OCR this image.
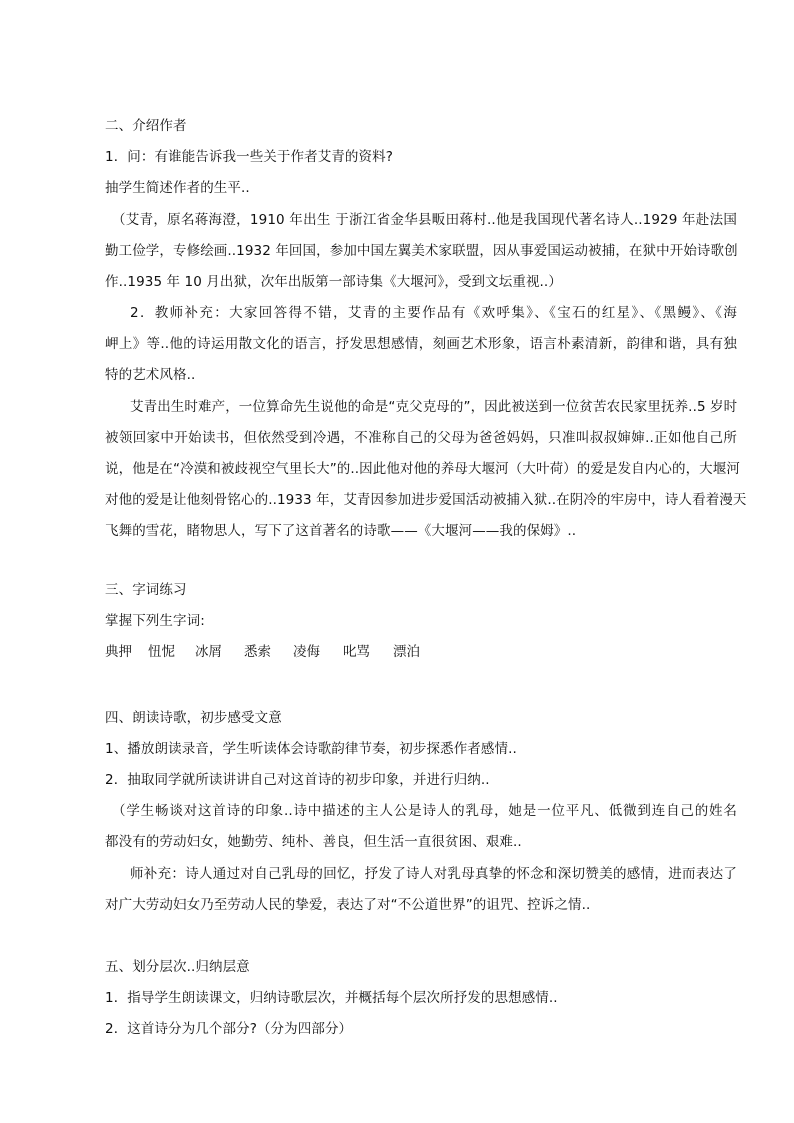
二、介绍作者
1．问：有谁能告诉我一些关于作者艾青的资料?
抽学生简述作者的生平..
（艾青，原名蒋海澄，1910 年出生 于浙江省金华县畈田蒋村..他是我国现代著名诗人..1929 年赴法国
勤工俭学，专修绘画..1932 年回国，参加中国左翼美术家联盟，因从事爱国运动被捕，在狱中开始诗歌创
作..1935 年 10 月出狱，次年出版第一部诗集《大堰河》，受到文坛重视..）
2．教师补充：大家回答得不错，艾青的主要作品有《欢呼集》、《宝石的红星》、《黑鳗》、《海
岬上》等..他的诗运用散文化的语言，抒发思想感情，刻画艺术形象，语言朴素清新，韵律和谐，具有独
特的艺术风格..
艾青出生时难产，一位算命先生说他的命是“克父克母的”，因此被送到一位贫苦农民家里抚养..5 岁时
被领回家中开始读书，但依然受到冷遇，不准称自己的父母为爸爸妈妈，只准叫叔叔婶婶..正如他自己所
说，他是在“冷漠和被歧视空气里长大”的..因此他对他的养母大堰河（大叶荷）的爱是发自内心的，大堰河
对他的爱是让他刻骨铭心的..1933 年，艾青因参加进步爱国活动被捕入狱..在阴冷的牢房中，诗人看着漫天
飞舞的雪花，睹物思人，写下了这首著名的诗歌——《大堰河——我的保姆》..
三、字词练习
掌握下列生字词:
典押 忸怩 冰屑 悉索 凌侮 叱骂 漂泊
四、朗读诗歌，初步感受文意
1、播放朗读录音，学生听读体会诗歌韵律节奏，初步探悉作者感情..
2．抽取同学就所读讲讲自己对这首诗的初步印象，并进行归纳..
（学生畅谈对这首诗的印象..诗中描述的主人公是诗人的乳母，她是一位平凡、低微到连自己的姓名
都没有的劳动妇女，她勤劳、纯朴、善良，但生活一直很贫困、艰难..
师补充：诗人通过对自己乳母的回忆，抒发了诗人对乳母真挚的怀念和深切赞美的感情，进而表达了
对广大劳动妇女乃至劳动人民的挚爱，表达了对“不公道世界”的诅咒、控诉之情..
五、划分层次..归纳层意
1．指导学生朗读课文，归纳诗歌层次，并概括每个层次所抒发的思想感情..
2．这首诗分为几个部分?（分为四部分）
